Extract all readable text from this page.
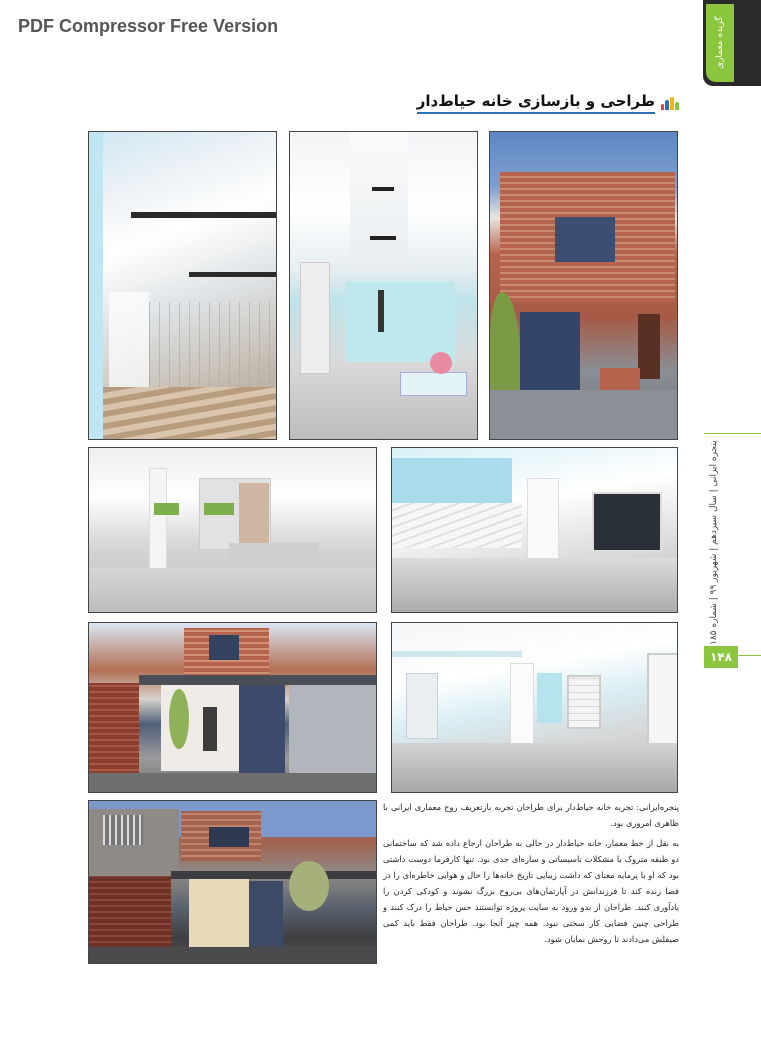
PDF Compressor Free Version	گزیده معماری
طراحی و بازسازی خانه حیاط‌دار
پنجره ایرانی | سال سیزدهم | شهریور ۹۹ | شماره ۱۸۵
۱۴۸

پنجره‌ایرانی: تجربه خانه حیاط‌دار برای طراحان تجربه بازتعریف روح معماری ایرانی با ظاهری امروزی بود.

به نقل از خط معمار، خانه حیاط‌دار در حالی به طراحان ارجاع داده شد که ساختمانی دو طبقه متروک با مشکلات تاسیساتی و سازه‌ای جدی بود. تنها کارفرما دوست داشتی بود که او با پرمایه معنای که داشت زیبایی تاریخ خانه‌ها را حال و هوایی خاطره‌ای را در فضا زنده کند تا فرزندانش در آپارتمان‌های بی‌روح بزرگ نشوند و کودکی کردن را یادآوری کنند. طراحان از بدو ورود به سایت پروژه توانستند حس حیاط را درک کنند و طراحی چنین فضایی کار سختی نبود. همه چیز آنجا بود. طراحان فقط باید کمی صیقلش می‌دادند تا روحش نمایان شود.
